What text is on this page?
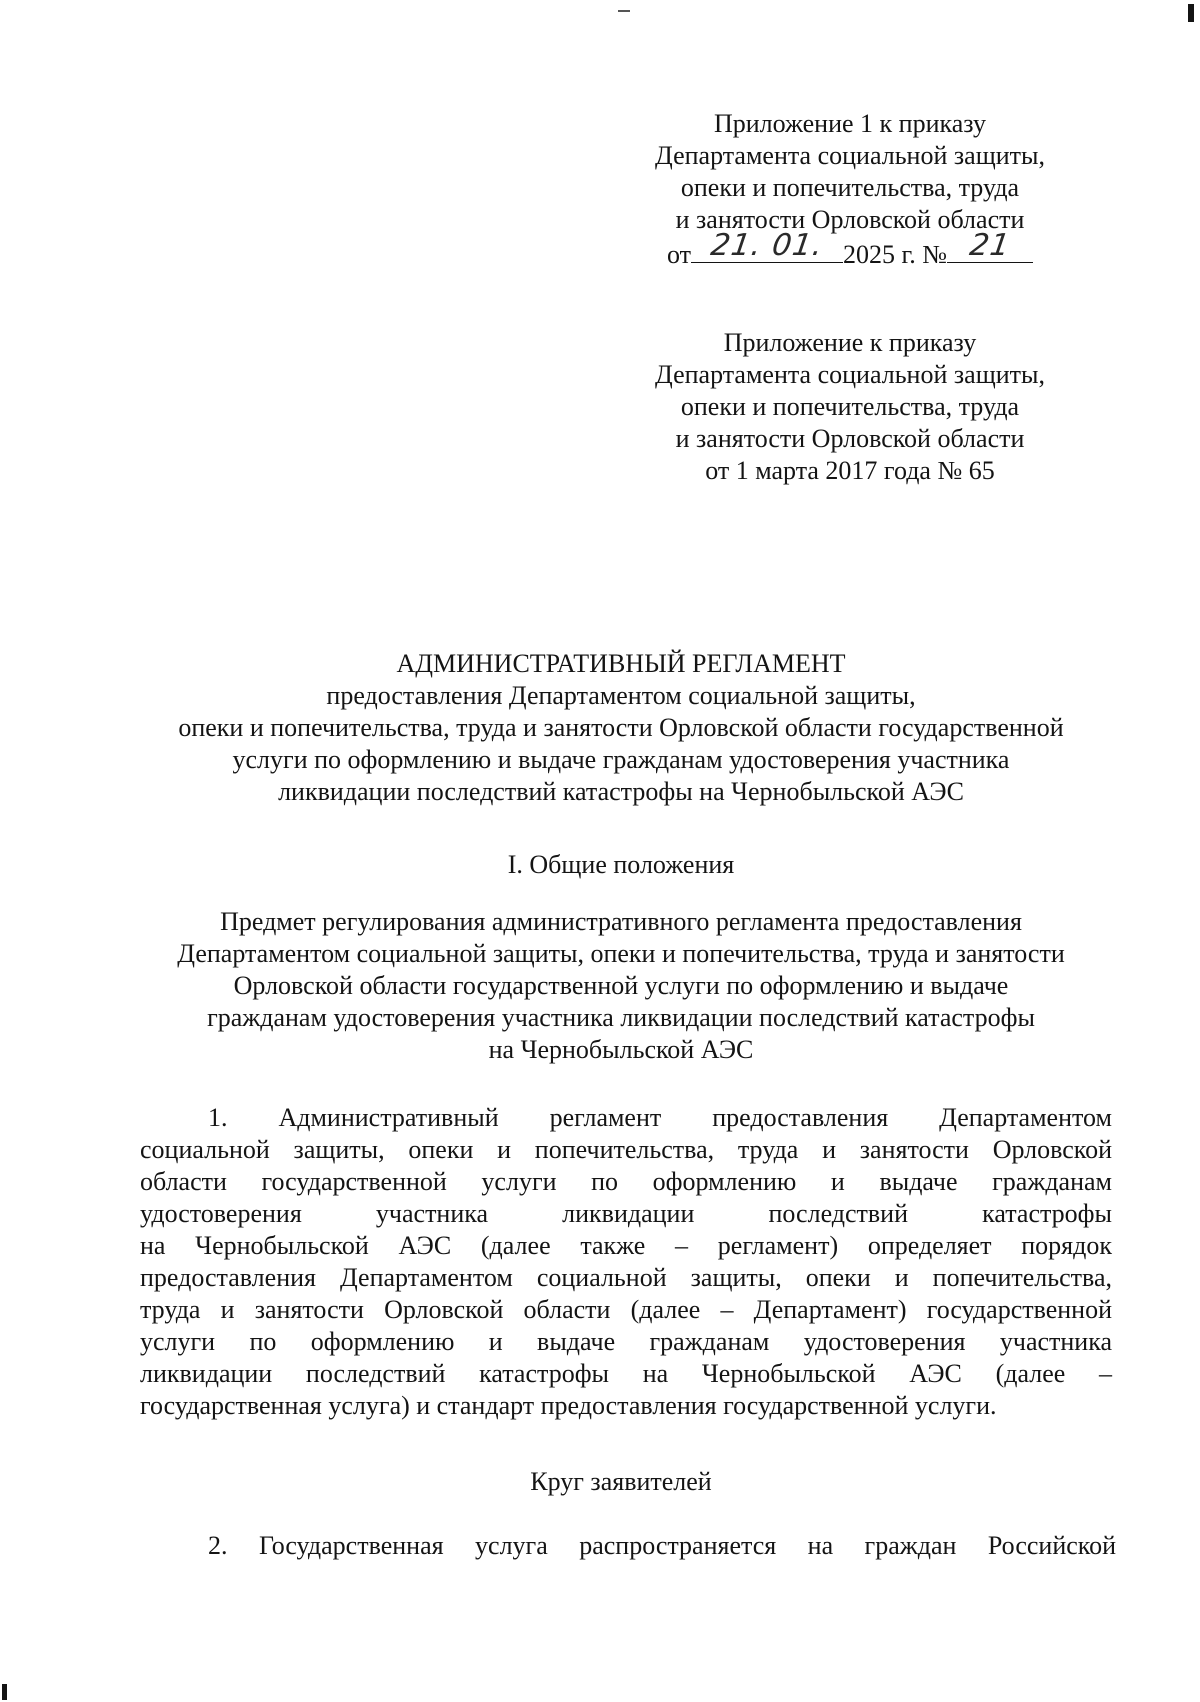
Приложение 1 к приказу
Департамента социальной защиты,
опеки и попечительства, труда
и занятости Орловской области
от 21. 01. 2025 г. № 21
Приложение к приказу
Департамента социальной защиты,
опеки и попечительства, труда
и занятости Орловской области
от 1 марта 2017 года № 65
АДМИНИСТРАТИВНЫЙ РЕГЛАМЕНТ
предоставления Департаментом социальной защиты,
опеки и попечительства, труда и занятости Орловской области государственной
услуги по оформлению и выдаче гражданам удостоверения участника
ликвидации последствий катастрофы на Чернобыльской АЭС
I. Общие положения
Предмет регулирования административного регламента предоставления
Департаментом социальной защиты, опеки и попечительства, труда и занятости
Орловской области государственной услуги по оформлению и выдаче
гражданам удостоверения участника ликвидации последствий катастрофы
на Чернобыльской АЭС
1. Административный регламент предоставления Департаментом
социальной защиты, опеки и попечительства, труда и занятости Орловской
области государственной услуги по оформлению и выдаче гражданам
удостоверения участника ликвидации последствий катастрофы
на Чернобыльской АЭС (далее также – регламент) определяет порядок
предоставления Департаментом социальной защиты, опеки и попечительства,
труда и занятости Орловской области (далее – Департамент) государственной
услуги по оформлению и выдаче гражданам удостоверения участника
ликвидации последствий катастрофы на Чернобыльской АЭС (далее –
государственная услуга) и стандарт предоставления государственной услуги.
Круг заявителей
2. Государственная услуга распространяется на граждан Российской
